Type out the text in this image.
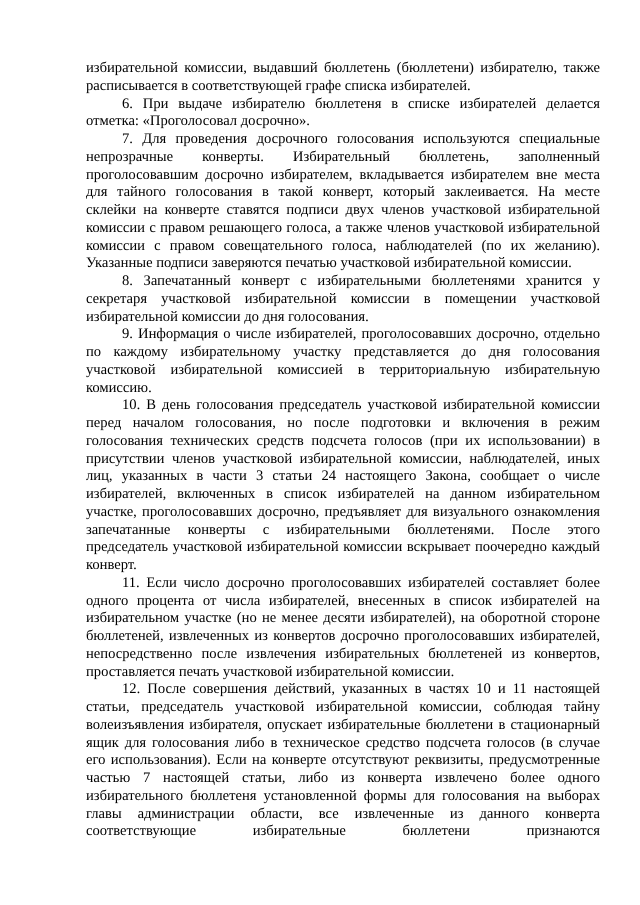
избирательной комиссии, выдавший бюллетень (бюллетени) избирателю, также расписывается в соответствующей графе списка избирателей.

6. При выдаче избирателю бюллетеня в списке избирателей делается отметка: «Проголосовал досрочно».

7. Для проведения досрочного голосования используются специальные непрозрачные конверты. Избирательный бюллетень, заполненный проголосовавшим досрочно избирателем, вкладывается избирателем вне места для тайного голосования в такой конверт, который заклеивается. На месте склейки на конверте ставятся подписи двух членов участковой избирательной комиссии с правом решающего голоса, а также членов участковой избирательной комиссии с правом совещательного голоса, наблюдателей (по их желанию). Указанные подписи заверяются печатью участковой избирательной комиссии.

8. Запечатанный конверт с избирательными бюллетенями хранится у секретаря участковой избирательной комиссии в помещении участковой избирательной комиссии до дня голосования.

9. Информация о числе избирателей, проголосовавших досрочно, отдельно по каждому избирательному участку представляется до дня голосования участковой избирательной комиссией в территориальную избирательную комиссию.

10. В день голосования председатель участковой избирательной комиссии перед началом голосования, но после подготовки и включения в режим голосования технических средств подсчета голосов (при их использовании) в присутствии членов участковой избирательной комиссии, наблюдателей, иных лиц, указанных в части 3 статьи 24 настоящего Закона, сообщает о числе избирателей, включенных в список избирателей на данном избирательном участке, проголосовавших досрочно, предъявляет для визуального ознакомления запечатанные конверты с избирательными бюллетенями. После этого председатель участковой избирательной комиссии вскрывает поочередно каждый конверт.

11. Если число досрочно проголосовавших избирателей составляет более одного процента от числа избирателей, внесенных в список избирателей на избирательном участке (но не менее десяти избирателей), на оборотной стороне бюллетеней, извлеченных из конвертов досрочно проголосовавших избирателей, непосредственно после извлечения избирательных бюллетеней из конвертов, проставляется печать участковой избирательной комиссии.

12. После совершения действий, указанных в частях 10 и 11 настоящей статьи, председатель участковой избирательной комиссии, соблюдая тайну волеизъявления избирателя, опускает избирательные бюллетени в стационарный ящик для голосования либо в техническое средство подсчета голосов (в случае его использования). Если на конверте отсутствуют реквизиты, предусмотренные частью 7 настоящей статьи, либо из конверта извлечено более одного избирательного бюллетеня установленной формы для голосования на выборах главы администрации области, все извлеченные из данного конверта соответствующие избирательные бюллетени признаются
